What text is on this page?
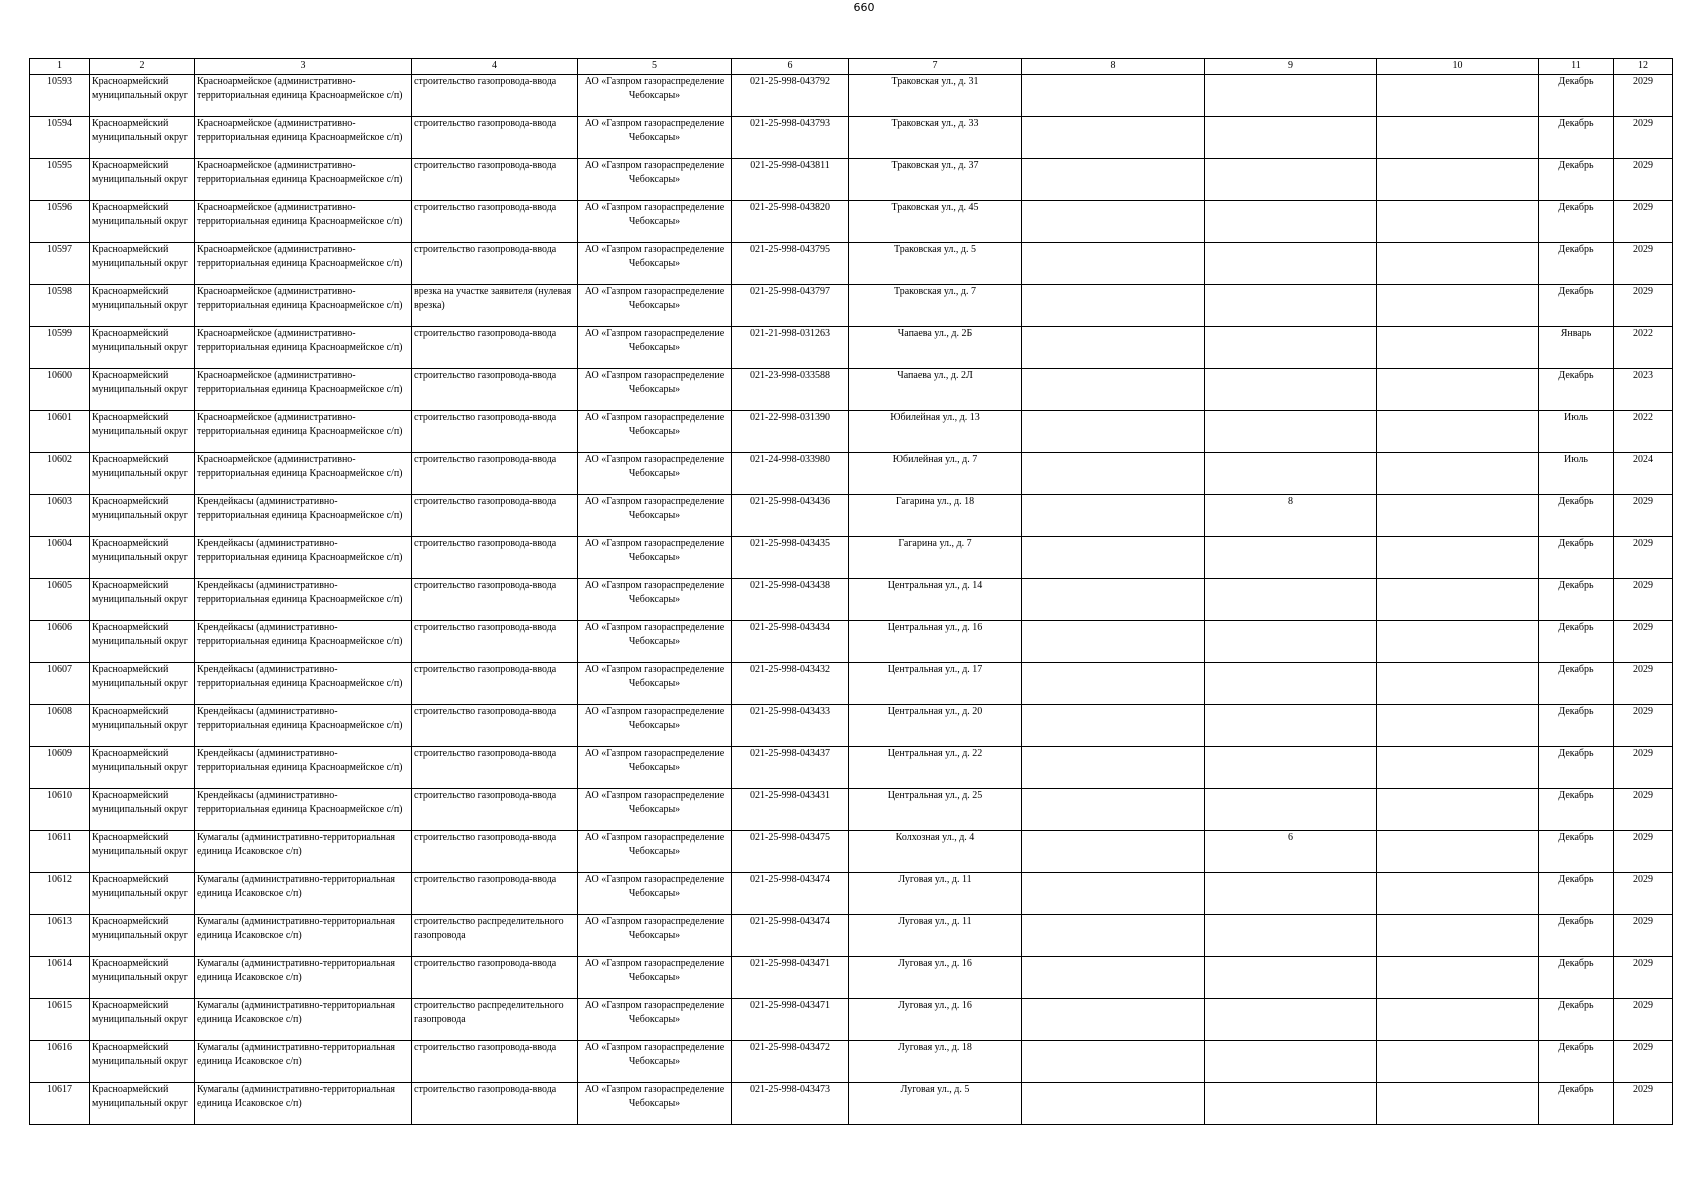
660
1	2	3	4	5	6	7	8	9	10	11	12
10593	Красноармейский муниципальный округ	Красноармейское (административно-территориальная единица Красноармейское с/п)	строительство газопровода-ввода	АО «Газпром газораспределение Чебоксары»	021-25-998-043792	Траковская ул., д. 31				Декабрь	2029
10594	Красноармейский муниципальный округ	Красноармейское (административно-территориальная единица Красноармейское с/п)	строительство газопровода-ввода	АО «Газпром газораспределение Чебоксары»	021-25-998-043793	Траковская ул., д. 33				Декабрь	2029
10595	Красноармейский муниципальный округ	Красноармейское (административно-территориальная единица Красноармейское с/п)	строительство газопровода-ввода	АО «Газпром газораспределение Чебоксары»	021-25-998-043811	Траковская ул., д. 37				Декабрь	2029
10596	Красноармейский муниципальный округ	Красноармейское (административно-территориальная единица Красноармейское с/п)	строительство газопровода-ввода	АО «Газпром газораспределение Чебоксары»	021-25-998-043820	Траковская ул., д. 45				Декабрь	2029
10597	Красноармейский муниципальный округ	Красноармейское (административно-территориальная единица Красноармейское с/п)	строительство газопровода-ввода	АО «Газпром газораспределение Чебоксары»	021-25-998-043795	Траковская ул., д. 5				Декабрь	2029
10598	Красноармейский муниципальный округ	Красноармейское (административно-территориальная единица Красноармейское с/п)	врезка на участке заявителя (нулевая врезка)	АО «Газпром газораспределение Чебоксары»	021-25-998-043797	Траковская ул., д. 7				Декабрь	2029
10599	Красноармейский муниципальный округ	Красноармейское (административно-территориальная единица Красноармейское с/п)	строительство газопровода-ввода	АО «Газпром газораспределение Чебоксары»	021-21-998-031263	Чапаева ул., д. 2Б				Январь	2022
10600	Красноармейский муниципальный округ	Красноармейское (административно-территориальная единица Красноармейское с/п)	строительство газопровода-ввода	АО «Газпром газораспределение Чебоксары»	021-23-998-033588	Чапаева ул., д. 2Л				Декабрь	2023
10601	Красноармейский муниципальный округ	Красноармейское (административно-территориальная единица Красноармейское с/п)	строительство газопровода-ввода	АО «Газпром газораспределение Чебоксары»	021-22-998-031390	Юбилейная ул., д. 13				Июль	2022
10602	Красноармейский муниципальный округ	Красноармейское (административно-территориальная единица Красноармейское с/п)	строительство газопровода-ввода	АО «Газпром газораспределение Чебоксары»	021-24-998-033980	Юбилейная ул., д. 7				Июль	2024
10603	Красноармейский муниципальный округ	Крендейкасы (административно-территориальная единица Красноармейское с/п)	строительство газопровода-ввода	АО «Газпром газораспределение Чебоксары»	021-25-998-043436	Гагарина ул., д. 18		8		Декабрь	2029
10604	Красноармейский муниципальный округ	Крендейкасы (административно-территориальная единица Красноармейское с/п)	строительство газопровода-ввода	АО «Газпром газораспределение Чебоксары»	021-25-998-043435	Гагарина ул., д. 7				Декабрь	2029
10605	Красноармейский муниципальный округ	Крендейкасы (административно-территориальная единица Красноармейское с/п)	строительство газопровода-ввода	АО «Газпром газораспределение Чебоксары»	021-25-998-043438	Центральная ул., д. 14				Декабрь	2029
10606	Красноармейский муниципальный округ	Крендейкасы (административно-территориальная единица Красноармейское с/п)	строительство газопровода-ввода	АО «Газпром газораспределение Чебоксары»	021-25-998-043434	Центральная ул., д. 16				Декабрь	2029
10607	Красноармейский муниципальный округ	Крендейкасы (административно-территориальная единица Красноармейское с/п)	строительство газопровода-ввода	АО «Газпром газораспределение Чебоксары»	021-25-998-043432	Центральная ул., д. 17				Декабрь	2029
10608	Красноармейский муниципальный округ	Крендейкасы (административно-территориальная единица Красноармейское с/п)	строительство газопровода-ввода	АО «Газпром газораспределение Чебоксары»	021-25-998-043433	Центральная ул., д. 20				Декабрь	2029
10609	Красноармейский муниципальный округ	Крендейкасы (административно-территориальная единица Красноармейское с/п)	строительство газопровода-ввода	АО «Газпром газораспределение Чебоксары»	021-25-998-043437	Центральная ул., д. 22				Декабрь	2029
10610	Красноармейский муниципальный округ	Крендейкасы (административно-территориальная единица Красноармейское с/п)	строительство газопровода-ввода	АО «Газпром газораспределение Чебоксары»	021-25-998-043431	Центральная ул., д. 25				Декабрь	2029
10611	Красноармейский муниципальный округ	Кумагалы (административно-территориальная единица Исаковское с/п)	строительство газопровода-ввода	АО «Газпром газораспределение Чебоксары»	021-25-998-043475	Колхозная ул., д. 4		6		Декабрь	2029
10612	Красноармейский муниципальный округ	Кумагалы (административно-территориальная единица Исаковское с/п)	строительство газопровода-ввода	АО «Газпром газораспределение Чебоксары»	021-25-998-043474	Луговая ул., д. 11				Декабрь	2029
10613	Красноармейский муниципальный округ	Кумагалы (административно-территориальная единица Исаковское с/п)	строительство распределительного газопровода	АО «Газпром газораспределение Чебоксары»	021-25-998-043474	Луговая ул., д. 11				Декабрь	2029
10614	Красноармейский муниципальный округ	Кумагалы (административно-территориальная единица Исаковское с/п)	строительство газопровода-ввода	АО «Газпром газораспределение Чебоксары»	021-25-998-043471	Луговая ул., д. 16				Декабрь	2029
10615	Красноармейский муниципальный округ	Кумагалы (административно-территориальная единица Исаковское с/п)	строительство распределительного газопровода	АО «Газпром газораспределение Чебоксары»	021-25-998-043471	Луговая ул., д. 16				Декабрь	2029
10616	Красноармейский муниципальный округ	Кумагалы (административно-территориальная единица Исаковское с/п)	строительство газопровода-ввода	АО «Газпром газораспределение Чебоксары»	021-25-998-043472	Луговая ул., д. 18				Декабрь	2029
10617	Красноармейский муниципальный округ	Кумагалы (административно-территориальная единица Исаковское с/п)	строительство газопровода-ввода	АО «Газпром газораспределение Чебоксары»	021-25-998-043473	Луговая ул., д. 5				Декабрь	2029
